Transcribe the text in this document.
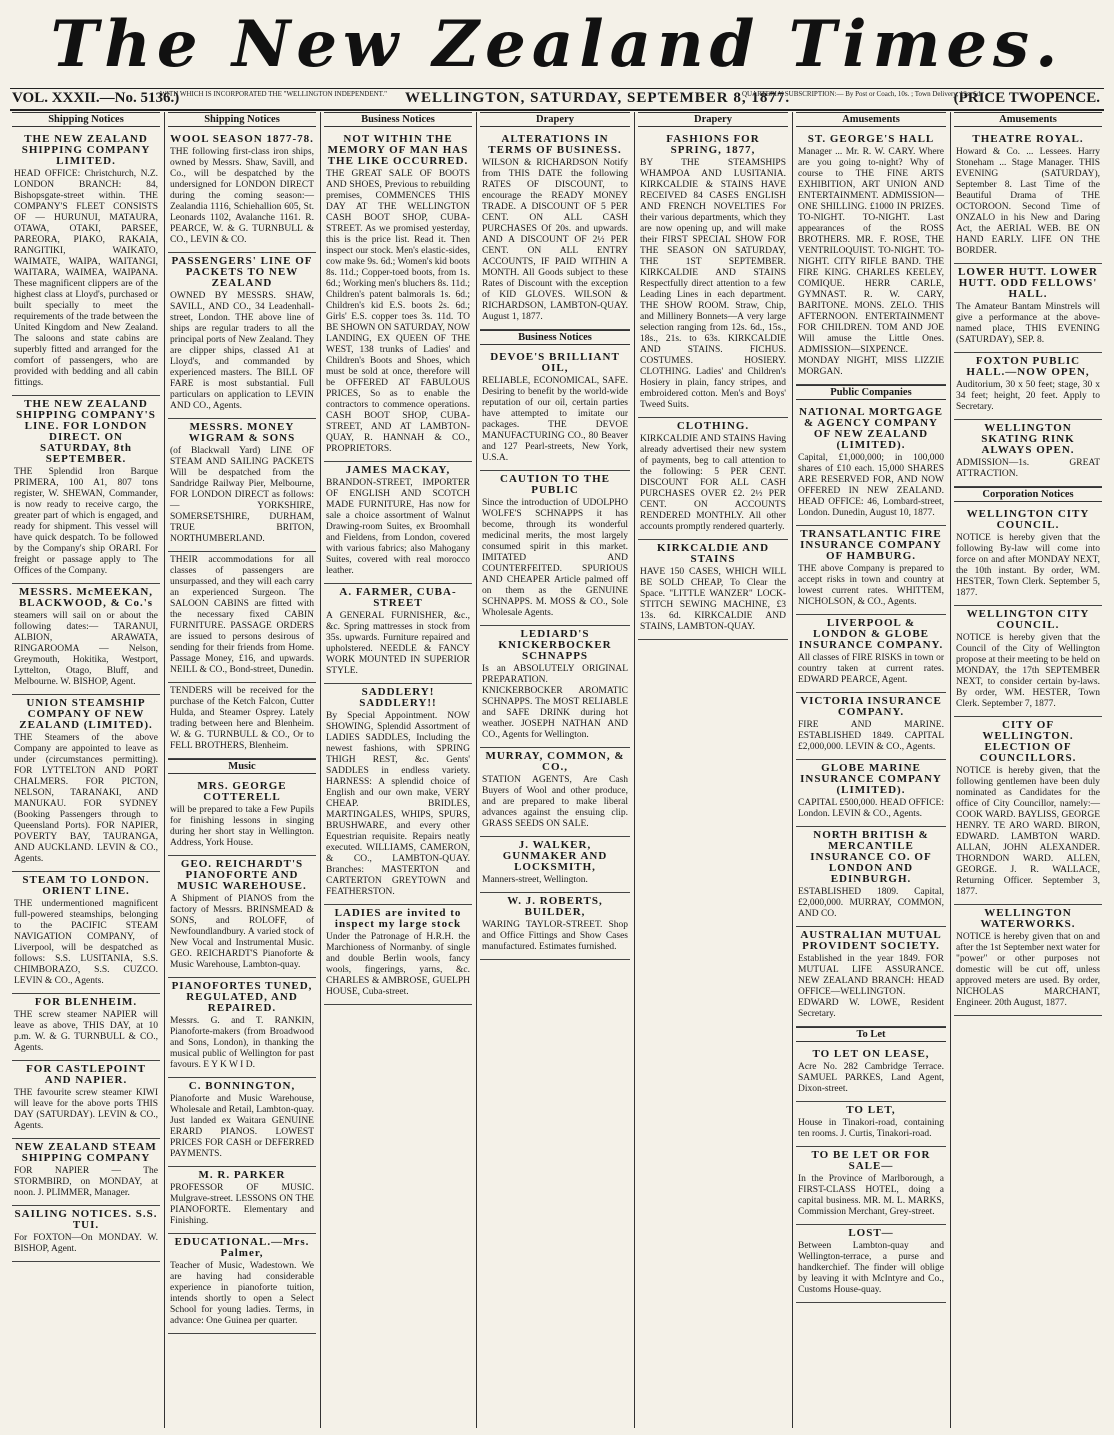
The New Zealand Times.
VOL. XXXII.—No. 5136.)
WITH WHICH IS INCORPORATED THE "WELLINGTON INDEPENDENT." WELLINGTON, SATURDAY, SEPTEMBER 8, 1877.
QUARTERLY SUBSCRIPTION:— By Post or Coach, 10s. ; Town Delivery, 12s. 6d.
(PRICE TWOPENCE.
Shipping Notices
THE NEW ZEALAND SHIPPING COMPANY LIMITED.

HEAD OFFICE: Christchurch, N.Z. LONDON BRANCH: 84, Bishopsgate-street within. THE COMPANY'S FLEET CONSISTS OF — HURUNUI, MATAURA, OTAWA, OTAKI, PARSEE, PAREORA, PIAKO, RAKAIA, RANGITIKI, WAIKATO, WAIMATE, WAIPA, WAITANGI, WAITARA, WAIMEA, WAIPANA. These magnificent clippers are of the highest class at Lloyd's, purchased or built specially to meet the requirements of the trade between the United Kingdom and New Zealand. The saloons and state cabins are superbly fitted and arranged for the comfort of passengers, who are provided with bedding and all cabin fittings.

THE NEW ZEALAND SHIPPING COMPANY'S LINE. FOR LONDON DIRECT. ON SATURDAY, 8th SEPTEMBER.

THE Splendid Iron Barque PRIMERA, 100 A1, 807 tons register, W. SHEWAN, Commander, is now ready to receive cargo, the greater part of which is engaged, and ready for shipment. This vessel will have quick despatch. To be followed by the Company's ship ORARI. For freight or passage apply to The Offices of the Company.

MESSRS. McMEEKAN, BLACKWOOD, & Co.'s

steamers will sail on or about the following dates:— TARANUI, ALBION, ARAWATA, RINGAROOMA — Nelson, Greymouth, Hokitika, Westport, Lyttelton, Otago, Bluff, and Melbourne. W. BISHOP, Agent.

UNION STEAMSHIP COMPANY OF NEW ZEALAND (LIMITED).

THE Steamers of the above Company are appointed to leave as under (circumstances permitting). FOR LYTTELTON AND PORT CHALMERS. FOR PICTON, NELSON, TARANAKI, AND MANUKAU. FOR SYDNEY (Booking Passengers through to Queensland Ports). FOR NAPIER, POVERTY BAY, TAURANGA, AND AUCKLAND. LEVIN & CO., Agents.

STEAM TO LONDON. ORIENT LINE.

THE undermentioned magnificent full-powered steamships, belonging to the PACIFIC STEAM NAVIGATION COMPANY, of Liverpool, will be despatched as follows: S.S. LUSITANIA, S.S. CHIMBORAZO, S.S. CUZCO. LEVIN & CO., Agents.

FOR BLENHEIM.

THE screw steamer NAPIER will leave as above, THIS DAY, at 10 p.m. W. & G. TURNBULL & CO., Agents.

FOR CASTLEPOINT AND NAPIER.

THE favourite screw steamer KIWI will leave for the above ports THIS DAY (SATURDAY). LEVIN & CO., Agents.

NEW ZEALAND STEAM SHIPPING COMPANY

FOR NAPIER — The STORMBIRD, on MONDAY, at noon. J. PLIMMER, Manager.

SAILING NOTICES. S.S. TUI.

For FOXTON—On MONDAY. W. BISHOP, Agent.

Shipping Notices
WOOL SEASON 1877-78.

THE following first-class iron ships, owned by Messrs. Shaw, Savill, and Co., will be despatched by the undersigned for LONDON DIRECT during the coming season:— Zealandia 1116, Schiehallion 605, St. Leonards 1102, Avalanche 1161. R. PEARCE, W. & G. TURNBULL & CO., LEVIN & CO.

PASSENGERS' LINE OF PACKETS TO NEW ZEALAND

OWNED BY MESSRS. SHAW, SAVILL, AND CO., 34 Leadenhall-street, London. THE above line of ships are regular traders to all the principal ports of New Zealand. They are clipper ships, classed A1 at Lloyd's, and commanded by experienced masters. The BILL OF FARE is most substantial. Full particulars on application to LEVIN AND CO., Agents.

MESSRS. MONEY WIGRAM & SONS

(of Blackwall Yard) LINE OF STEAM AND SAILING PACKETS Will be despatched from the Sandridge Railway Pier, Melbourne, FOR LONDON DIRECT as follows:— YORKSHIRE, SOMERSETSHIRE, DURHAM, TRUE BRITON, NORTHUMBERLAND.

THEIR accommodations for all classes of passengers are unsurpassed, and they will each carry an experienced Surgeon. The SALOON CABINS are fitted with the necessary fixed CABIN FURNITURE. PASSAGE ORDERS are issued to persons desirous of sending for their friends from Home. Passage Money, £16, and upwards. NEILL & CO., Bond-street, Dunedin.

TENDERS will be received for the purchase of the Ketch Falcon, Cutter Hulda, and Steamer Osprey. Lately trading between here and Blenheim. W. & G. TURNBULL & CO., Or to FELL BROTHERS, Blenheim.

Music
MRS. GEORGE COTTERELL

will be prepared to take a Few Pupils for finishing lessons in singing during her short stay in Wellington. Address, York House.

GEO. REICHARDT'S PIANOFORTE AND MUSIC WAREHOUSE.

A Shipment of PIANOS from the factory of Messrs. BRINSMEAD & SONS, and ROLOFF, of Newfoundlandbury. A varied stock of New Vocal and Instrumental Music. GEO. REICHARDT'S Pianoforte & Music Warehouse, Lambton-quay.

PIANOFORTES TUNED, REGULATED, AND REPAIRED.

Messrs. G. and T. RANKIN, Pianoforte-makers (from Broadwood and Sons, London), in thanking the musical public of Wellington for past favours. E Y K W I D.

C. BONNINGTON,

Pianoforte and Music Warehouse, Wholesale and Retail, Lambton-quay. Just landed ex Waitara GENUINE ERARD PIANOS. LOWEST PRICES FOR CASH or DEFERRED PAYMENTS.

M. R. PARKER

PROFESSOR OF MUSIC. Mulgrave-street. LESSONS ON THE PIANOFORTE. Elementary and Finishing.

EDUCATIONAL.—Mrs. Palmer,

Teacher of Music, Wadestown. We are having had considerable experience in pianoforte tuition, intends shortly to open a Select School for young ladies. Terms, in advance: One Guinea per quarter.

Business Notices
NOT WITHIN THE MEMORY OF MAN HAS THE LIKE OCCURRED.

THE GREAT SALE OF BOOTS AND SHOES, Previous to rebuilding premises, COMMENCES THIS DAY AT THE WELLINGTON CASH BOOT SHOP, CUBA-STREET. As we promised yesterday, this is the price list. Read it. Then inspect our stock. Men's elastic-sides, cow make 9s. 6d.; Women's kid boots 8s. 11d.; Copper-toed boots, from 1s. 6d.; Working men's bluchers 8s. 11d.; Children's patent balmorals 1s. 6d.; Children's kid E.S. boots 2s. 6d.; Girls' E.S. copper toes 3s. 11d. TO BE SHOWN ON SATURDAY, NOW LANDING, EX QUEEN OF THE WEST, 138 trunks of Ladies' and Children's Boots and Shoes, which must be sold at once, therefore will be OFFERED AT FABULOUS PRICES, So as to enable the contractors to commence operations. CASH BOOT SHOP, CUBA-STREET, AND AT LAMBTON-QUAY, R. HANNAH & CO., PROPRIETORS.

JAMES MACKAY,

BRANDON-STREET, IMPORTER OF ENGLISH AND SCOTCH MADE FURNITURE, Has now for sale a choice assortment of Walnut Drawing-room Suites, ex Broomhall and Fieldens, from London, covered with various fabrics; also Mahogany Suites, covered with real morocco leather.

A. FARMER, CUBA-STREET

A GENERAL FURNISHER, &c., &c. Spring mattresses in stock from 35s. upwards. Furniture repaired and upholstered. NEEDLE & FANCY WORK MOUNTED IN SUPERIOR STYLE.

SADDLERY! SADDLERY!!

By Special Appointment. NOW SHOWING, Splendid Assortment of LADIES SADDLES, Including the newest fashions, with SPRING THIGH REST, &c. Gents' SADDLES in endless variety. HARNESS: A splendid choice of English and our own make, VERY CHEAP. BRIDLES, MARTINGALES, WHIPS, SPURS, BRUSHWARE, and every other Equestrian requisite. Repairs neatly executed. WILLIAMS, CAMERON, & CO., LAMBTON-QUAY. Branches: MASTERTON and CARTERTON GREYTOWN and FEATHERSTON.

LADIES are invited to inspect my large stock

Under the Patronage of H.R.H. the Marchioness of Normanby. of single and double Berlin wools, fancy wools, fingerings, yarns, &c. CHARLES & AMBROSE, GUELPH HOUSE, Cuba-street.

Drapery
ALTERATIONS IN TERMS OF BUSINESS.

WILSON & RICHARDSON Notify from THIS DATE the following RATES OF DISCOUNT, to encourage the READY MONEY TRADE. A DISCOUNT OF 5 PER CENT. ON ALL CASH PURCHASES Of 20s. and upwards. AND A DISCOUNT OF 2½ PER CENT. ON ALL ENTRY ACCOUNTS, IF PAID WITHIN A MONTH. All Goods subject to these Rates of Discount with the exception of KID GLOVES. WILSON & RICHARDSON, LAMBTON-QUAY. August 1, 1877.

Business Notices
DEVOE'S BRILLIANT OIL,

RELIABLE, ECONOMICAL, SAFE. Desiring to benefit by the world-wide reputation of our oil, certain parties have attempted to imitate our packages. THE DEVOE MANUFACTURING CO., 80 Beaver and 127 Pearl-streets, New York, U.S.A.

CAUTION TO THE PUBLIC

Since the introduction of UDOLPHO WOLFE'S SCHNAPPS it has become, through its wonderful medicinal merits, the most largely consumed spirit in this market. IMITATED AND COUNTERFEITED. SPURIOUS AND CHEAPER Article palmed off on them as the GENUINE SCHNAPPS. M. MOSS & CO., Sole Wholesale Agents.

LEDIARD'S KNICKERBOCKER SCHNAPPS

Is an ABSOLUTELY ORIGINAL PREPARATION. KNICKERBOCKER AROMATIC SCHNAPPS. The MOST RELIABLE and SAFE DRINK during hot weather. JOSEPH NATHAN AND CO., Agents for Wellington.

MURRAY, COMMON, & CO.,

STATION AGENTS, Are Cash Buyers of Wool and other produce, and are prepared to make liberal advances against the ensuing clip. GRASS SEEDS ON SALE.

J. WALKER, GUNMAKER AND LOCKSMITH,

Manners-street, Wellington.

W. J. ROBERTS, BUILDER,

WARING TAYLOR-STREET. Shop and Office Fittings and Show Cases manufactured. Estimates furnished.

Drapery
FASHIONS FOR SPRING, 1877,

BY THE STEAMSHIPS WHAMPOA AND LUSITANIA. KIRKCALDIE & STAINS HAVE RECEIVED 84 CASES ENGLISH AND FRENCH NOVELTIES For their various departments, which they are now opening up, and will make their FIRST SPECIAL SHOW FOR THE SEASON ON SATURDAY, THE 1ST SEPTEMBER. KIRKCALDIE AND STAINS Respectfully direct attention to a few Leading Lines in each department. THE SHOW ROOM. Straw, Chip, and Millinery Bonnets—A very large selection ranging from 12s. 6d., 15s., 18s., 21s. to 63s. KIRKCALDIE AND STAINS. FICHUS. COSTUMES. HOSIERY. CLOTHING. Ladies' and Children's Hosiery in plain, fancy stripes, and embroidered cotton. Men's and Boys' Tweed Suits.

CLOTHING.

KIRKCALDIE AND STAINS Having already advertised their new system of payments, beg to call attention to the following: 5 PER CENT. DISCOUNT FOR ALL CASH PURCHASES OVER £2. 2½ PER CENT. ON ACCOUNTS RENDERED MONTHLY. All other accounts promptly rendered quarterly.

KIRKCALDIE AND STAINS

HAVE 150 CASES, WHICH WILL BE SOLD CHEAP, To Clear the Space. "LITTLE WANZER" LOCK-STITCH SEWING MACHINE, £3 13s. 6d. KIRKCALDIE AND STAINS, LAMBTON-QUAY.

Amusements
ST. GEORGE'S HALL

Manager ... Mr. R. W. CARY. Where are you going to-night? Why of course to THE FINE ARTS EXHIBITION, ART UNION AND ENTERTAINMENT. ADMISSION—ONE SHILLING. £1000 IN PRIZES. TO-NIGHT. TO-NIGHT. Last appearances of the ROSS BROTHERS. MR. F. ROSE, THE VENTRILOQUIST. TO-NIGHT. TO-NIGHT. CITY RIFLE BAND. THE FIRE KING. CHARLES KEELEY, COMIQUE. HERR CARLE, GYMNAST. R. W. CARY, BARITONE. MONS. ZELO. THIS AFTERNOON. ENTERTAINMENT FOR CHILDREN. TOM AND JOE Will amuse the Little Ones. ADMISSION—SIXPENCE. MONDAY NIGHT, MISS LIZZIE MORGAN.

Public Companies
NATIONAL MORTGAGE & AGENCY COMPANY OF NEW ZEALAND (LIMITED).

Capital, £1,000,000; in 100,000 shares of £10 each. 15,000 SHARES ARE RESERVED FOR, AND NOW OFFERED IN NEW ZEALAND. HEAD OFFICE: 46, Lombard-street, London. Dunedin, August 10, 1877.

TRANSATLANTIC FIRE INSURANCE COMPANY OF HAMBURG.

THE above Company is prepared to accept risks in town and country at lowest current rates. WHITTEM, NICHOLSON, & CO., Agents.

LIVERPOOL & LONDON & GLOBE INSURANCE COMPANY.

All classes of FIRE RISKS in town or country taken at current rates. EDWARD PEARCE, Agent.

VICTORIA INSURANCE COMPANY.

FIRE AND MARINE. ESTABLISHED 1849. CAPITAL £2,000,000. LEVIN & CO., Agents.

GLOBE MARINE INSURANCE COMPANY (LIMITED).

CAPITAL £500,000. HEAD OFFICE: London. LEVIN & CO., Agents.

NORTH BRITISH & MERCANTILE INSURANCE CO. OF LONDON AND EDINBURGH.

ESTABLISHED 1809. Capital, £2,000,000. MURRAY, COMMON, AND CO.

AUSTRALIAN MUTUAL PROVIDENT SOCIETY.

Established in the year 1849. FOR MUTUAL LIFE ASSURANCE. NEW ZEALAND BRANCH: HEAD OFFICE—WELLINGTON. EDWARD W. LOWE, Resident Secretary.

To Let
TO LET ON LEASE,

Acre No. 282 Cambridge Terrace. SAMUEL PARKES, Land Agent, Dixon-street.

TO LET,

House in Tinakori-road, containing ten rooms. J. Curtis, Tinakori-road.

TO BE LET OR FOR SALE—

In the Province of Marlborough, a FIRST-CLASS HOTEL, doing a capital business. MR. M. L. MARKS, Commission Merchant, Grey-street.

LOST—

Between Lambton-quay and Wellington-terrace, a purse and handkerchief. The finder will oblige by leaving it with McIntyre and Co., Customs House-quay.

Amusements
THEATRE ROYAL.

Howard & Co. ... Lessees. Harry Stoneham ... Stage Manager. THIS EVENING (SATURDAY), September 8. Last Time of the Beautiful Drama of THE OCTOROON. Second Time of ONZALO in his New and Daring Act, the AERIAL WEB. BE ON HAND EARLY. LIFE ON THE BORDER.

LOWER HUTT. LOWER HUTT. ODD FELLOWS' HALL.

The Amateur Bantam Minstrels will give a performance at the above-named place, THIS EVENING (SATURDAY), SEP. 8.

FOXTON PUBLIC HALL.—NOW OPEN,

Auditorium, 30 x 50 feet; stage, 30 x 34 feet; height, 20 feet. Apply to Secretary.

WELLINGTON SKATING RINK ALWAYS OPEN.

ADMISSION—1s. GREAT ATTRACTION.

Corporation Notices
WELLINGTON CITY COUNCIL.

NOTICE is hereby given that the following By-law will come into force on and after MONDAY NEXT, the 10th instant. By order, WM. HESTER, Town Clerk. September 5, 1877.

WELLINGTON CITY COUNCIL.

NOTICE is hereby given that the Council of the City of Wellington propose at their meeting to be held on MONDAY, the 17th SEPTEMBER NEXT, to consider certain by-laws. By order, WM. HESTER, Town Clerk. September 7, 1877.

CITY OF WELLINGTON. ELECTION OF COUNCILLORS.

NOTICE is hereby given, that the following gentlemen have been duly nominated as Candidates for the office of City Councillor, namely:— COOK WARD. BAYLISS, GEORGE HENRY. TE ARO WARD. BIRON, EDWARD. LAMBTON WARD. ALLAN, JOHN ALEXANDER. THORNDON WARD. ALLEN, GEORGE. J. R. WALLACE, Returning Officer. September 3, 1877.

WELLINGTON WATERWORKS.

NOTICE is hereby given that on and after the 1st September next water for "power" or other purposes not domestic will be cut off, unless approved meters are used. By order, NICHOLAS MARCHANT, Engineer. 20th August, 1877.
